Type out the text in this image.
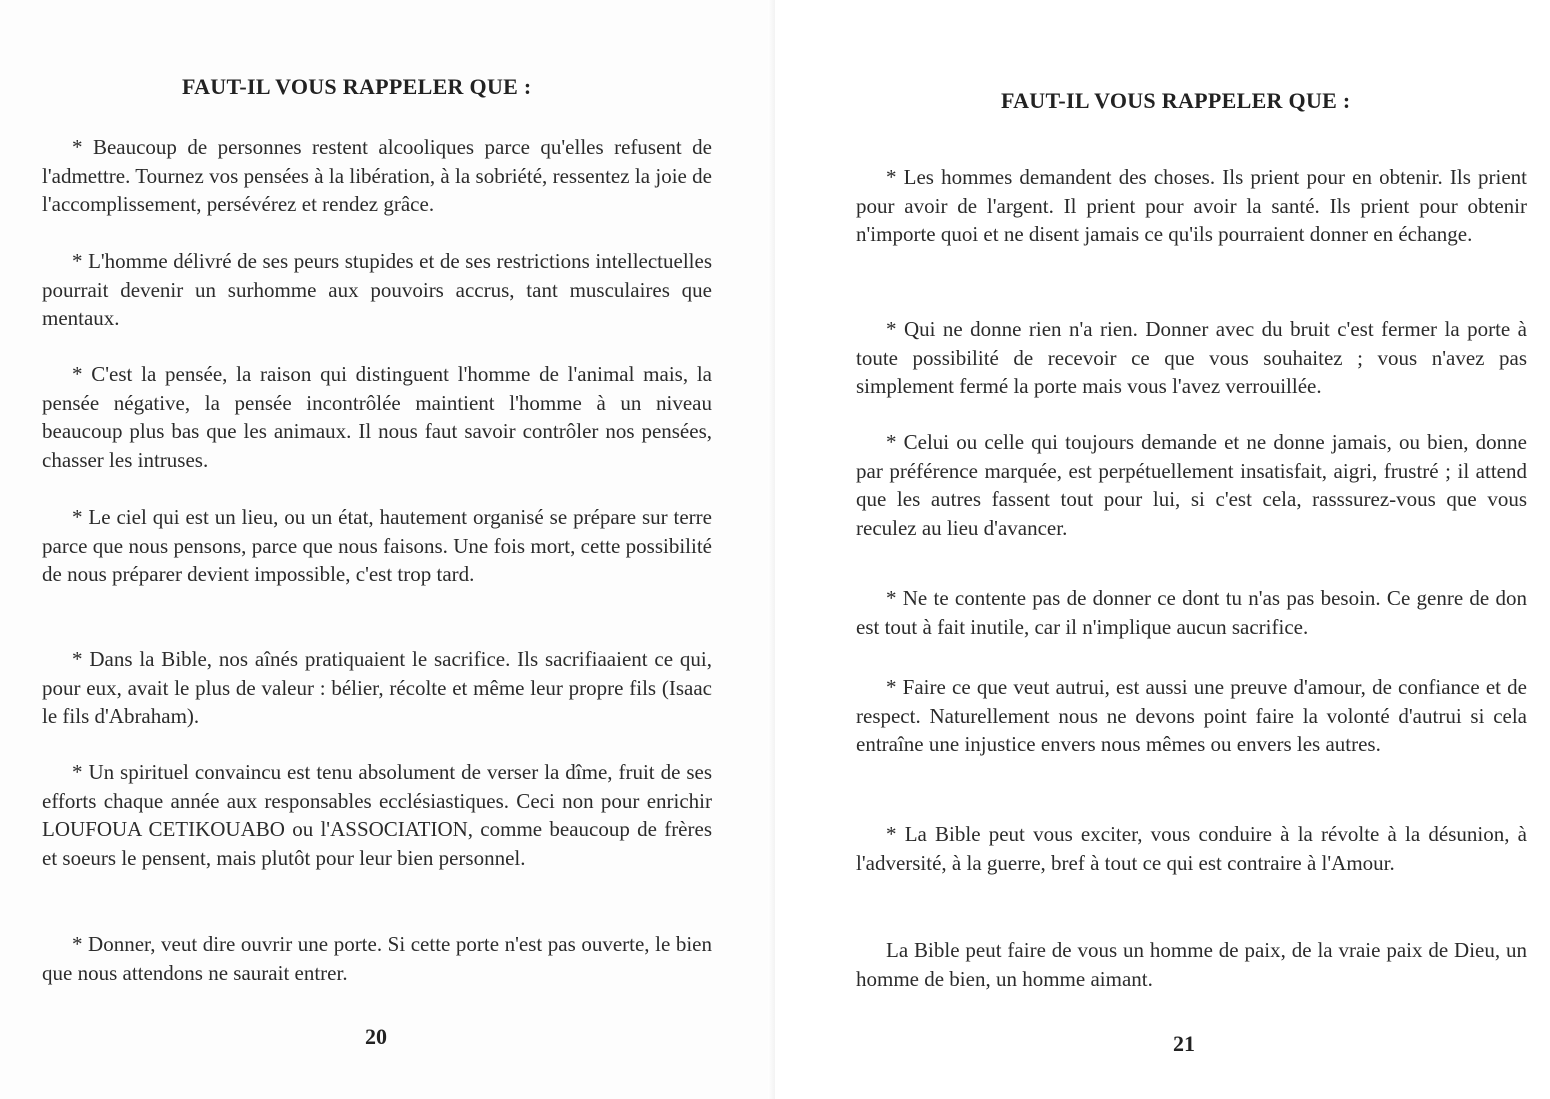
FAUT-IL VOUS RAPPELER QUE :

* Beaucoup de personnes restent alcooliques parce qu'elles refusent de l'admettre. Tournez vos pensées à la libération, à la sobriété, ressentez la joie de l'accomplissement, persévérez et rendez grâce.

* L'homme délivré de ses peurs stupides et de ses restrictions intellectuelles pourrait devenir un surhomme aux pouvoirs accrus, tant musculaires que mentaux.

* C'est la pensée, la raison qui distinguent l'homme de l'animal mais, la pensée négative, la pensée incontrôlée maintient l'homme à un niveau beaucoup plus bas que les animaux. Il nous faut savoir contrôler nos pensées, chasser les intruses.

* Le ciel qui est un lieu, ou un état, hautement organisé se prépare sur terre parce que nous pensons, parce que nous faisons. Une fois mort, cette possibilité de nous préparer devient impossible, c'est trop tard.

* Dans la Bible, nos aînés pratiquaient le sacrifice. Ils sacrifiaaient ce qui, pour eux, avait le plus de valeur : bélier, récolte et même leur propre fils (Isaac le fils d'Abraham).

* Un spirituel convaincu est tenu absolument de verser la dîme, fruit de ses efforts chaque année aux responsables ecclésiastiques. Ceci non pour enrichir LOUFOUA CETIKOUABO ou l'ASSOCIATION, comme beaucoup de frères et soeurs le pensent, mais plutôt pour leur bien personnel.

* Donner, veut dire ouvrir une porte. Si cette porte n'est pas ouverte, le bien que nous attendons ne saurait entrer.

20
FAUT-IL VOUS RAPPELER QUE :

* Les hommes demandent des choses. Ils prient pour en obtenir. Ils prient pour avoir de l'argent. Il prient pour avoir la santé. Ils prient pour obtenir n'importe quoi et ne disent jamais ce qu'ils pourraient donner en échange.

* Qui ne donne rien n'a rien. Donner avec du bruit c'est fermer la porte à toute possibilité de recevoir ce que vous souhaitez ; vous n'avez pas simplement fermé la porte mais vous l'avez verrouillée.

* Celui ou celle qui toujours demande et ne donne jamais, ou bien, donne par préférence marquée, est perpétuellement insatisfait, aigri, frustré ; il attend que les autres fassent tout pour lui, si c'est cela, rasssurez-vous que vous reculez au lieu d'avancer.

* Ne te contente pas de donner ce dont tu n'as pas besoin. Ce genre de don est tout à fait inutile, car il n'implique aucun sacrifice.

* Faire ce que veut autrui, est aussi une preuve d'amour, de confiance et de respect. Naturellement nous ne devons point faire la volonté d'autrui si cela entraîne une injustice envers nous mêmes ou envers les autres.

* La Bible peut vous exciter, vous conduire à la révolte à la désunion, à l'adversité, à la guerre, bref à tout ce qui est contraire à l'Amour.

La Bible peut faire de vous un homme de paix, de la vraie paix de Dieu, un homme de bien, un homme aimant.

21
